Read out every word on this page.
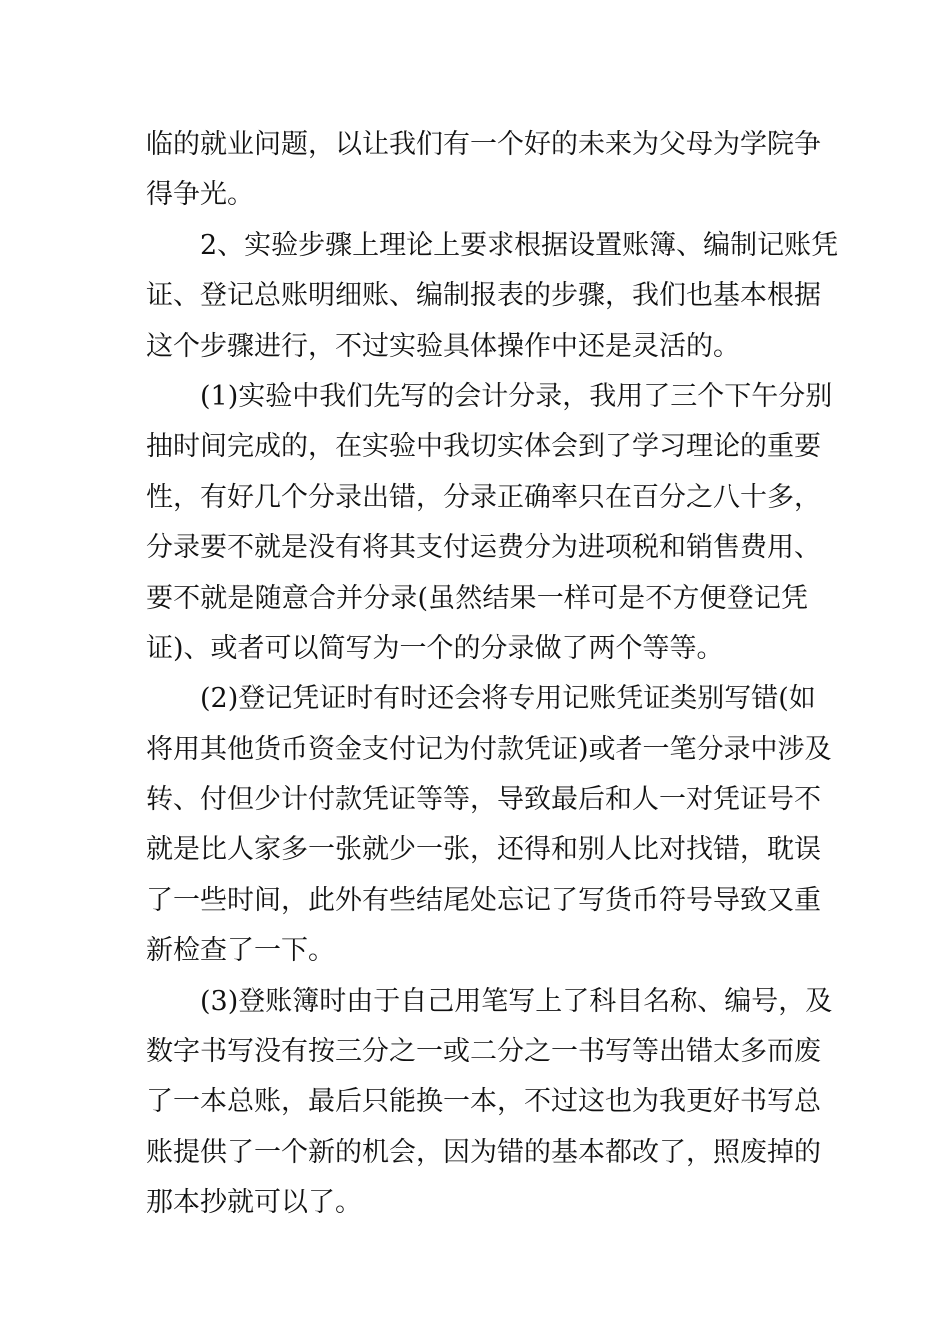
临的就业问题，以让我们有一个好的未来为父母为学院争
得争光。
2、实验步骤上理论上要求根据设置账簿、编制记账凭
证、登记总账明细账、编制报表的步骤，我们也基本根据
这个步骤进行，不过实验具体操作中还是灵活的。
(1)实验中我们先写的会计分录，我用了三个下午分别
抽时间完成的，在实验中我切实体会到了学习理论的重要
性，有好几个分录出错，分录正确率只在百分之八十多，
分录要不就是没有将其支付运费分为进项税和销售费用、
要不就是随意合并分录(虽然结果一样可是不方便登记凭
证)、或者可以简写为一个的分录做了两个等等。
(2)登记凭证时有时还会将专用记账凭证类别写错(如
将用其他货币资金支付记为付款凭证)或者一笔分录中涉及
转、付但少计付款凭证等等，导致最后和人一对凭证号不
就是比人家多一张就少一张，还得和别人比对找错，耽误
了一些时间，此外有些结尾处忘记了写货币符号导致又重
新检查了一下。
(3)登账簿时由于自己用笔写上了科目名称、编号，及
数字书写没有按三分之一或二分之一书写等出错太多而废
了一本总账，最后只能换一本，不过这也为我更好书写总
账提供了一个新的机会，因为错的基本都改了，照废掉的
那本抄就可以了。
